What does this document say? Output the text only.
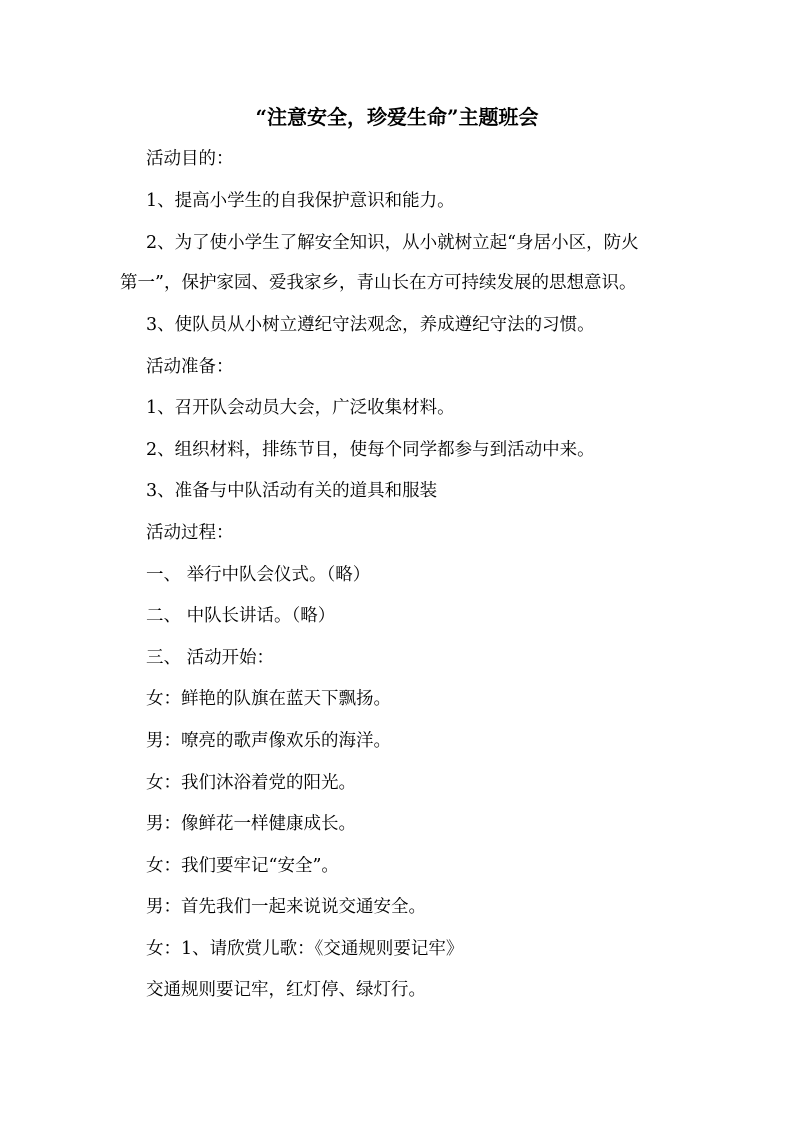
“注意安全，珍爱生命”主题班会
活动目的：
1、提高小学生的自我保护意识和能力。
2、为了使小学生了解安全知识，从小就树立起“身居小区，防火
第一”，保护家园、爱我家乡，青山长在方可持续发展的思想意识。
3、使队员从小树立遵纪守法观念，养成遵纪守法的习惯。
活动准备：
1、召开队会动员大会，广泛收集材料。
2、组织材料，排练节目，使每个同学都参与到活动中来。
3、准备与中队活动有关的道具和服装
活动过程：
一、 举行中队会仪式。（略）
二、 中队长讲话。（略）
三、 活动开始：
女：鲜艳的队旗在蓝天下飘扬。
男：嘹亮的歌声像欢乐的海洋。
女：我们沐浴着党的阳光。
男：像鲜花一样健康成长。
女：我们要牢记“安全”。
男：首先我们一起来说说交通安全。
女：1、请欣赏儿歌：《交通规则要记牢》
交通规则要记牢，红灯停、绿灯行。
